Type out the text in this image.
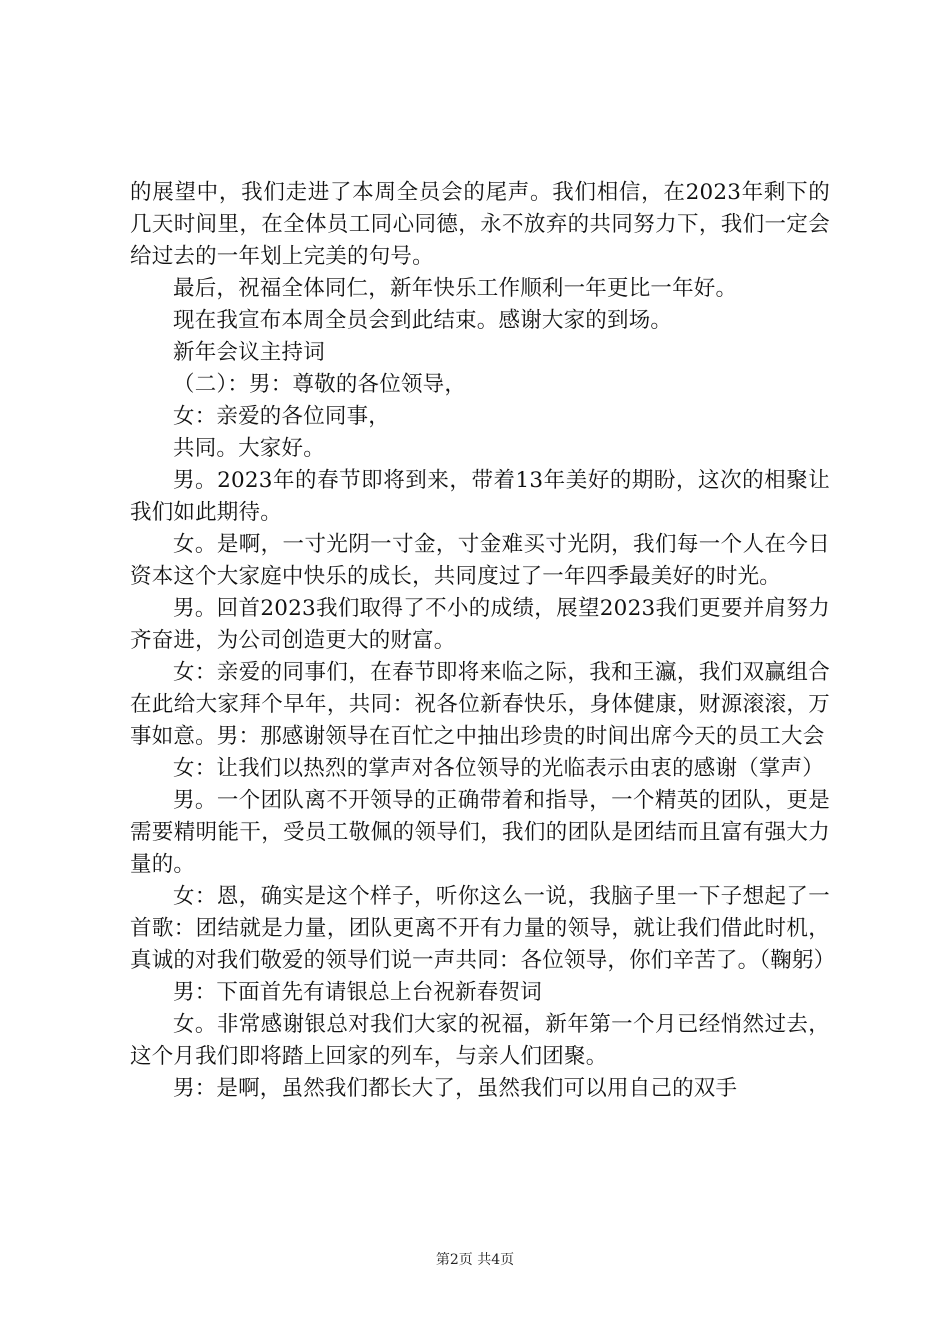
的展望中，我们走进了本周全员会的尾声。我们相信，在2023年剩下的几天时间里，在全体员工同心同德，永不放弃的共同努力下，我们一定会给过去的一年划上完美的句号。

最后，祝福全体同仁，新年快乐工作顺利一年更比一年好。

现在我宣布本周全员会到此结束。感谢大家的到场。

新年会议主持词

（二）：男：尊敬的各位领导，

女：亲爱的各位同事，

共同。大家好。

男。2023年的春节即将到来，带着13年美好的期盼，这次的相聚让我们如此期待。

女。是啊，一寸光阴一寸金，寸金难买寸光阴，我们每一个人在今日资本这个大家庭中快乐的成长，共同度过了一年四季最美好的时光。

男。回首2023我们取得了不小的成绩，展望2023我们更要并肩努力齐奋进，为公司创造更大的财富。

女：亲爱的同事们，在春节即将来临之际，我和王瀛，我们双赢组合在此给大家拜个早年，共同：祝各位新春快乐，身体健康，财源滚滚，万事如意。男：那感谢领导在百忙之中抽出珍贵的时间出席今天的员工大会

女：让我们以热烈的掌声对各位领导的光临表示由衷的感谢（掌声）

男。一个团队离不开领导的正确带着和指导，一个精英的团队，更是需要精明能干，受员工敬佩的领导们，我们的团队是团结而且富有强大力量的。

女：恩，确实是这个样子，听你这么一说，我脑子里一下子想起了一首歌：团结就是力量，团队更离不开有力量的领导，就让我们借此时机，真诚的对我们敬爱的领导们说一声共同：各位领导，你们辛苦了。（鞠躬）

男：下面首先有请银总上台祝新春贺词

女。非常感谢银总对我们大家的祝福，新年第一个月已经悄然过去，这个月我们即将踏上回家的列车，与亲人们团聚。

男：是啊，虽然我们都长大了，虽然我们可以用自己的双手

第2页 共4页
